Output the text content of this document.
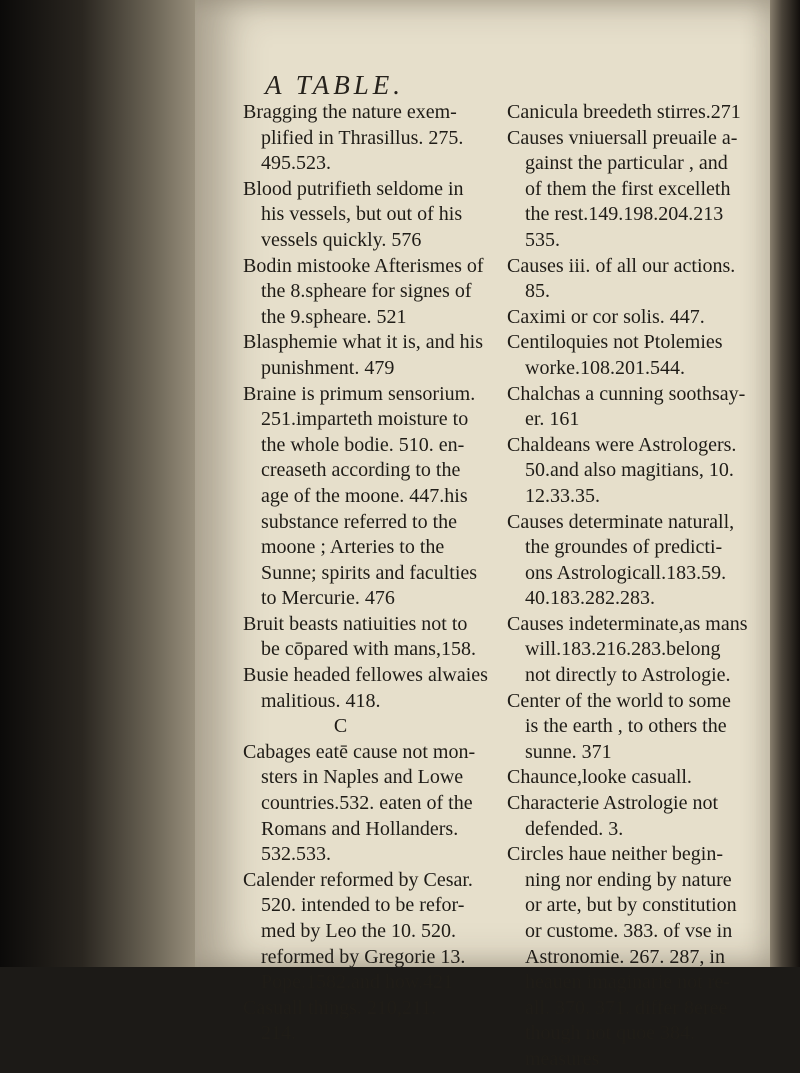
A TABLE.
Bragging the nature exem-
plified in Thrasillus. 275.
495.523.
Blood putrifieth seldome in
his vessels, but out of his
vessels quickly. 576
Bodin mistooke Afterismes of
the 8.spheare for signes of
the 9.spheare. 521
Blasphemie what it is, and his
punishment. 479
Braine is primum sensorium.
251.imparteth moisture to
the whole bodie. 510. en-
creaseth according to the
age of the moone. 447.his
substance referred to the
moone ; Arteries to the
Sunne; spirits and faculties
to Mercurie. 476
Bruit beasts natiuities not to
be cōpared with mans,158.
Busie headed fellowes alwaies
malitious. 418.
C
Cabages eatē cause not mon-
sters in Naples and Lowe
countries.532. eaten of the
Romans and Hollanders.
532.533.
Calender reformed by Cesar.
520. intended to be refor-
med by Leo the 10. 520.
reformed by Gregorie 13.
Pope.1582.and how.421
Casuall things. 210,211.
214.
Canicula breedeth stirres.271
Causes vniuersall preuaile a-
gainst the particular , and
of them the first excelleth
the rest.149.198.204.213
535.
Causes iii. of all our actions.
85.
Caximi or cor solis. 447.
Centiloquies not Ptolemies
worke.108.201.544.
Chalchas a cunning soothsay-
er. 161
Chaldeans were Astrologers.
50.and also magitians, 10.
12.33.35.
Causes determinate naturall,
the groundes of predicti-
ons Astrologicall.183.59.
40.183.282.283.
Causes indeterminate,as mans
will.183.216.283.belong
not directly to Astrologie.
Center of the world to some
is the earth , to others the
sunne. 371
Chaunce,looke casuall.
Characterie Astrologie not
defended. 3.
Circles haue neither begin-
ning nor ending by nature
or arte, but by constitution
or custome. 383. of vse in
Astronomie. 267. 287, in
heauen imaginarie not re-
all. 370. 371. differ 8eree
though not quoe 384.
measures
